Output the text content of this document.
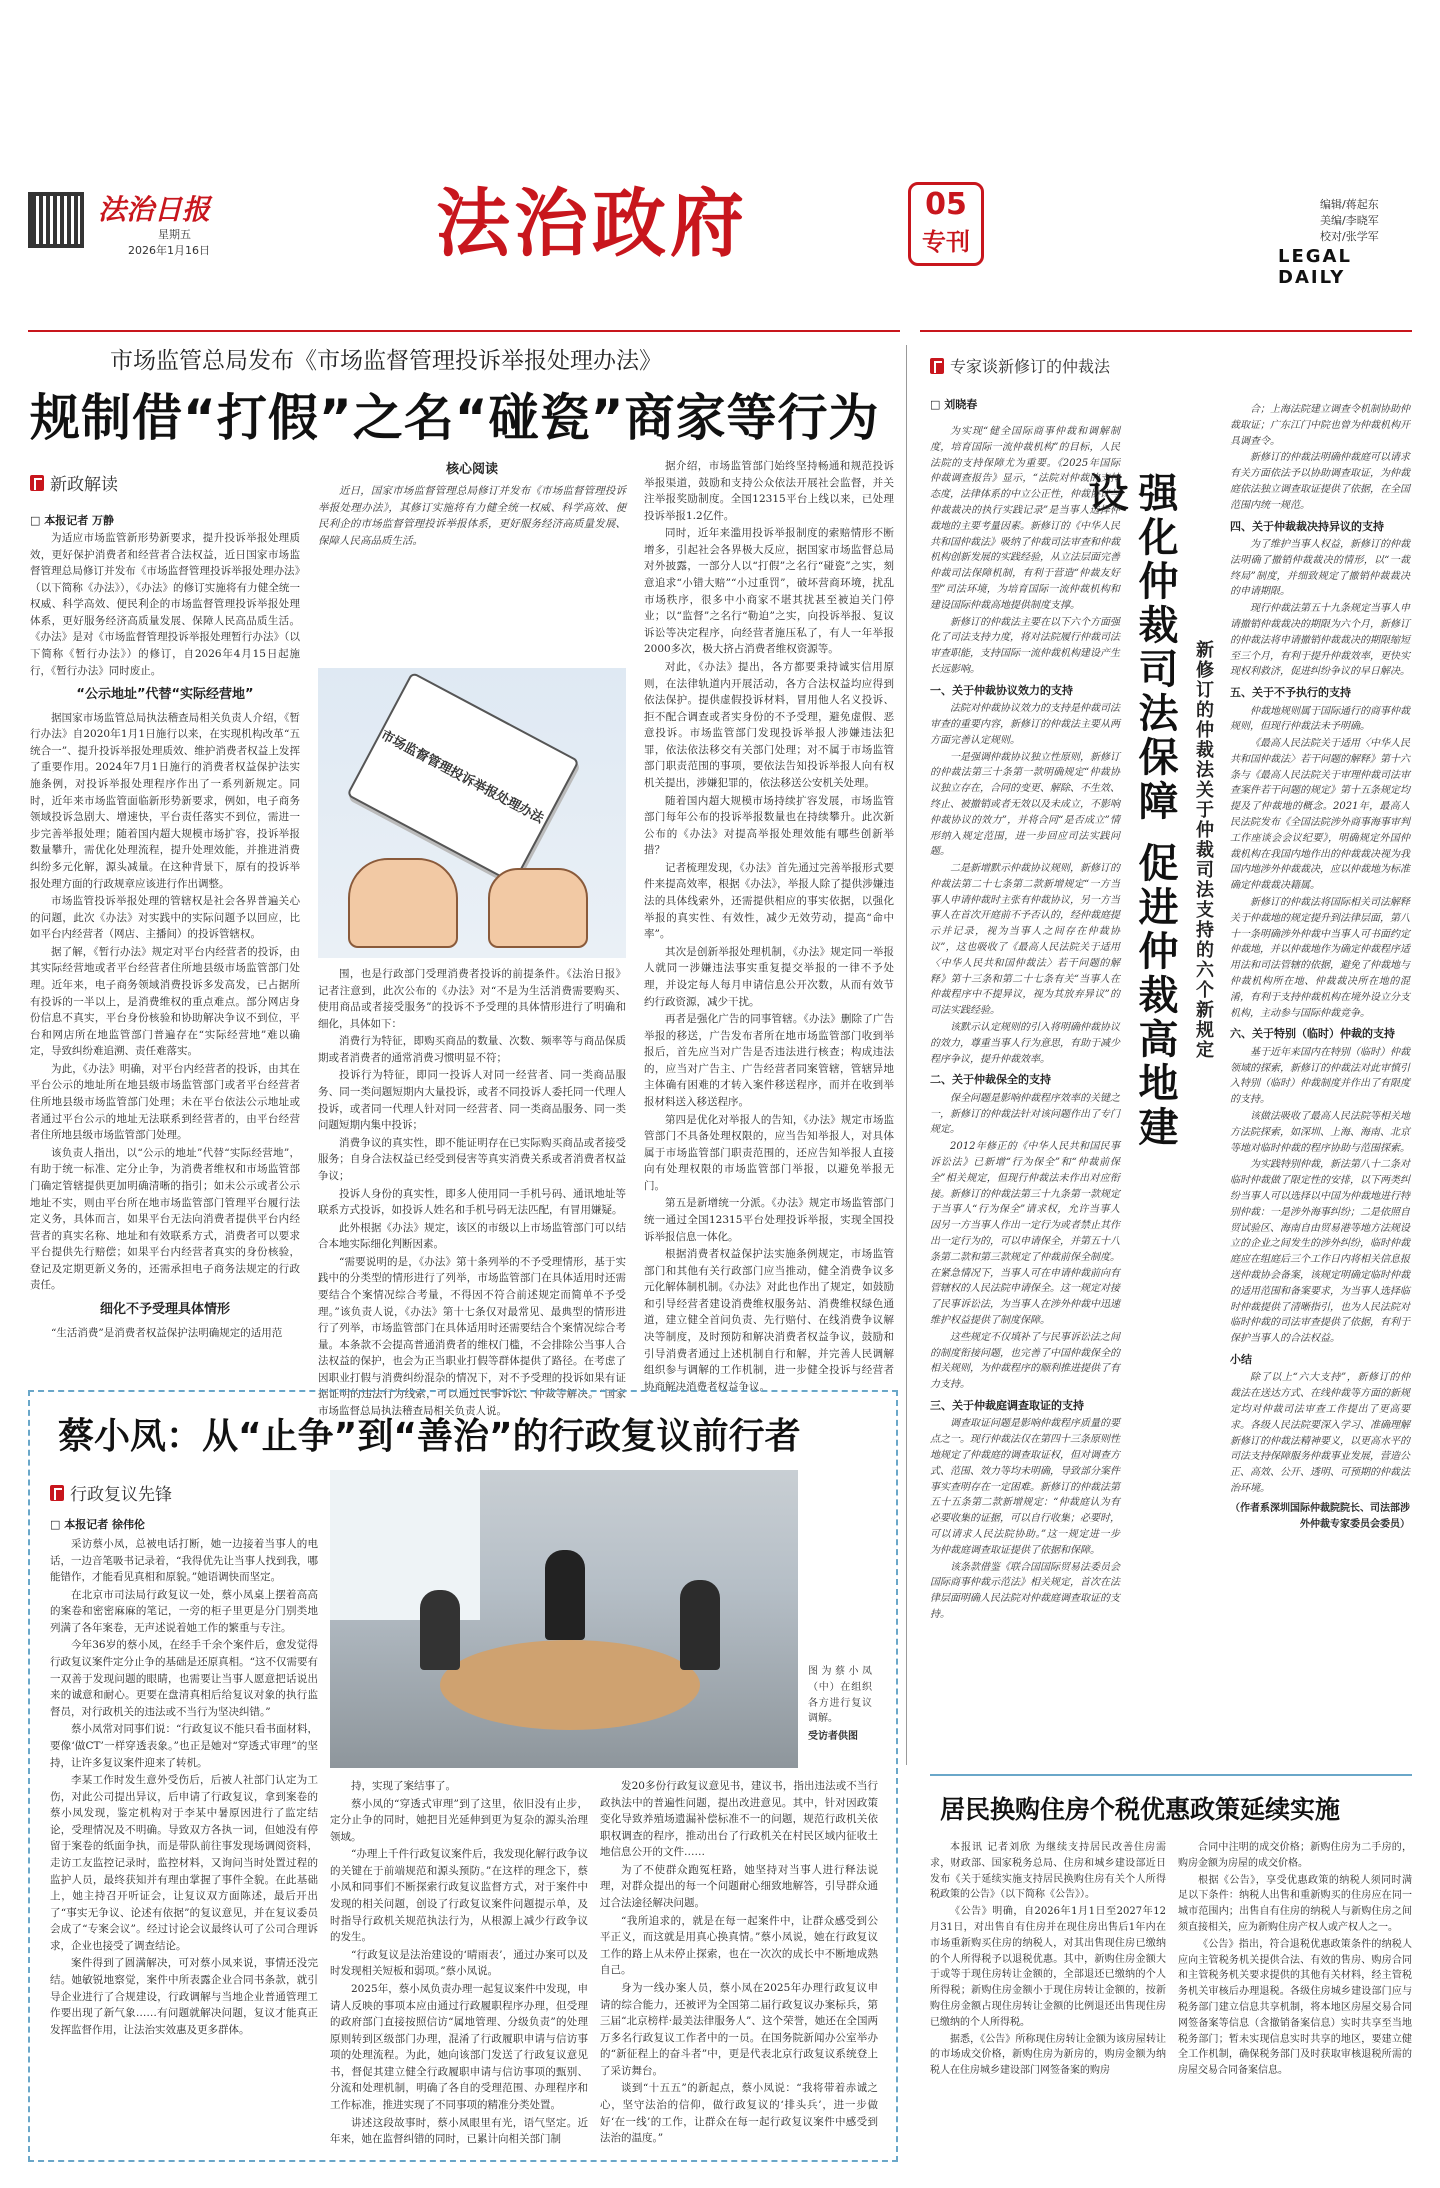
法治日报
星期五
2026年1月16日	法治政府	05
专刊
编辑/蒋起东
美编/李晓军
校对/张学军
LEGAL DAILY
市场监管总局发布《市场监督管理投诉举报处理办法》
规制借“打假”之名“碰瓷”商家等行为
新政解读
□ 本报记者 万静

为适应市场监管新形势新要求，提升投诉举报处理质效，更好保护消费者和经营者合法权益，近日国家市场监督管理总局修订并发布《市场监督管理投诉举报处理办法》（以下简称《办法》），《办法》的修订实施将有力健全统一权威、科学高效、便民利企的市场监督管理投诉举报处理体系，更好服务经济高质量发展、保障人民高品质生活。《办法》是对《市场监督管理投诉举报处理暂行办法》（以下简称《暂行办法》）的修订，自2026年4月15日起施行，《暂行办法》同时废止。

“公示地址”代替“实际经营地”

据国家市场监管总局执法稽查局相关负责人介绍，《暂行办法》自2020年1月1日施行以来，在实现机构改革“五统合一”、提升投诉举报处理质效、维护消费者权益上发挥了重要作用。2024年7月1日施行的消费者权益保护法实施条例，对投诉举报处理程序作出了一系列新规定。同时，近年来市场监管面临新形势新要求，例如，电子商务领域投诉急剧大、增速快，平台责任落实不到位，需进一步完善举报处理；随着国内超大规模市场扩容，投诉举报数量攀升，需优化处理流程，提升处理效能，并推进消费纠纷多元化解，源头减量。在这种背景下，原有的投诉举报处理方面的行政规章应该进行作出调整。

市场监管投诉举报处理的管辖权是社会各界普遍关心的问题，此次《办法》对实践中的实际问题予以回应，比如平台内经营者（网店、主播间）的投诉管辖权。

据了解，《暂行办法》规定对平台内经营者的投诉，由其实际经营地或者平台经营者住所地县级市场监管部门处理。近年来，电子商务领域消费投诉多发高发，已占据所有投诉的一半以上，是消费维权的重点难点。部分网店身份信息不真实，平台身份核验和协助解决争议不到位，平台和网店所在地监管部门普遍存在“实际经营地”难以确定，导致纠纷难追溯、责任难落实。

为此，《办法》明确，对平台内经营者的投诉，由其在平台公示的地址所在地县级市场监管部门或者平台经营者住所地县级市场监管部门处理；未在平台依法公示地址或者通过平台公示的地址无法联系到经营者的，由平台经营者住所地县级市场监管部门处理。

该负责人指出，以“公示的地址”代替“实际经营地”，有助于统一标准、定分止争，为消费者维权和市场监管部门确定管辖提供更加明确清晰的指引；如未公示或者公示地址不实，则由平台所在地市场监管部门管理平台履行法定义务，具体而言，如果平台无法向消费者提供平台内经营者的真实名称、地址和有效联系方式，消费者可以要求平台提供先行赔偿；如果平台内经营者真实的身份核验，登记及定期更新义务的，还需承担电子商务法规定的行政责任。

细化不予受理具体情形

“生活消费”是消费者权益保护法明确规定的适用范

核心阅读

近日，国家市场监督管理总局修订并发布《市场监督管理投诉举报处理办法》，其修订实施将有力健全统一权威、科学高效、便民利企的市场监督管理投诉举报体系，更好服务经济高质量发展、保障人民高品质生活。

市场监督管理投诉举报处理办法

围，也是行政部门受理消费者投诉的前提条件。《法治日报》记者注意到，此次公布的《办法》对“不是为生活消费需要购买、使用商品或者接受服务”的投诉不予受理的具体情形进行了明确和细化，具体如下：

消费行为特征，即购买商品的数量、次数、频率等与商品保质期或者消费者的通常消费习惯明显不符；

投诉行为特征，即同一投诉人对同一经营者、同一类商品服务、同一类问题短期内大量投诉，或者不同投诉人委托同一代理人投诉，或者同一代理人针对同一经营者、同一类商品服务、同一类问题短期内集中投诉；

消费争议的真实性，即不能证明存在已实际购买商品或者接受服务；自身合法权益已经受到侵害等真实消费关系或者消费者权益争议；

投诉人身份的真实性，即多人使用同一手机号码、通讯地址等联系方式投诉，如投诉人姓名和手机号码无法匹配，有冒用嫌疑。

此外根据《办法》规定，该区的市级以上市场监管部门可以结合本地实际细化判断因素。

“需要说明的是，《办法》第十条列举的不予受理情形，基于实践中的分类型的情形进行了列举，市场监管部门在具体适用时还需要结合个案情况综合考量，不得因不符合前述规定而简单不予受理。”该负责人说，《办法》第十七条仅对最常见、最典型的情形进行了列举，市场监管部门在具体适用时还需要结合个案情况综合考量。本条款不会提高普通消费者的维权门槛，不会排除公当事人合法权益的保护，也会为正当职业打假等群体提供了路径。在考虑了因职业打假与消费纠纷混杂的情况下，对不予受理的投诉如果有证据证明的违法行为线索，可以通过民事诉讼、仲裁等解决。“国家市场监督总局执法稽查局相关负责人说。

据介绍，市场监管部门始终坚持畅通和规范投诉举报渠道，鼓励和支持公众依法开展社会监督，并关注举报奖励制度。全国12315平台上线以来，已处理投诉举报1.2亿件。

同时，近年来滥用投诉举报制度的索赔情形不断增多，引起社会各界极大反应，据国家市场监督总局对外披露，一部分人以“打假”之名行“碰瓷”之实，刻意追求“小错大赔”“小过重罚”，破坏营商环境，扰乱市场秩序，很多中小商家不堪其扰甚至被迫关门停业；以“监督”之名行“勒迫”之实，向投诉举报、复议诉讼等决定程序，向经营者施压私了，有人一年举报2000多次，极大挤占消费者维权资源等。

对此，《办法》提出，各方都要秉持诚实信用原则，在法律轨道内开展活动，各方合法权益均应得到依法保护。提供虚假投诉材料，冒用他人名义投诉、拒不配合调查或者实身份的不予受理，避免虚假、恶意投诉。市场监管部门发现投诉举报人涉嫌违法犯罪，依法依法移交有关部门处理；对不属于市场监管部门职责范围的事项，要依法告知投诉举报人向有权机关提出，涉嫌犯罪的，依法移送公安机关处理。

随着国内超大规模市场持续扩容发展，市场监管部门每年公布的投诉举报数量也在持续攀升。此次新公布的《办法》对提高举报处理效能有哪些创新举措？

记者梳理发现，《办法》首先通过完善举报形式要件来提高效率，根据《办法》，举报人除了提供涉嫌违法的具体线索外，还需提供相应的事实依据，以强化举报的真实性、有效性，减少无效劳动，提高“命中率”。

其次是创新举报处理机制，《办法》规定同一举报人就同一涉嫌违法事实重复提交举报的一律不予处理，并设定每人每月申请信息公开次数，从而有效节约行政资源，减少干扰。

再者是强化广告的同事管辖。《办法》删除了广告举报的移送，广告发布者所在地市场监管部门收到举报后，首先应当对广告是否违法进行核查；构成违法的，应当对广告主、广告经营者同案管辖，管辖异地主体确有困难的才转入案件移送程序，而并在收到举报材料送入移送程序。

第四是优化对举报人的告知，《办法》规定市场监管部门不具备处理权限的，应当告知举报人，对具体属于市场监管部门职责范围的，还应告知举报人直接向有处理权限的市场监管部门举报，以避免举报无门。

第五是新增统一分派。《办法》规定市场监管部门统一通过全国12315平台处理投诉举报，实现全国投诉举报信息一体化。

根据消费者权益保护法实施条例规定，市场监管部门和其他有关行政部门应当推动，健全消费争议多元化解体制机制。《办法》对此也作出了规定，如鼓励和引导经营者建设消费维权服务站、消费维权绿色通道，建立健全首问负责、先行赔付、在线消费争议解决等制度，及时预防和解决消费者权益争议，鼓励和引导消费者通过上述机制自行和解，并完善人民调解组织参与调解的工作机制，进一步健全投诉与经营者协商解决消费者权益争议。

蔡小凤：从“止争”到“善治”的行政复议前行者
行政复议先锋
□ 本报记者 徐伟伦

采访蔡小凤，总被电话打断，她一边接着当事人的电话，一边音笔吸书记录着，“我得优先让当事人找到我，哪能错作，才能看见真相和原貌。”她语调快而坚定。

在北京市司法局行政复议一处，蔡小凤桌上摆着高高的案卷和密密麻麻的笔记，一旁的柜子里更是分门别类地列满了各年案卷，无声述说着她工作的繁重与专注。

今年36岁的蔡小凤，在经手千余个案件后，愈发觉得行政复议案件定分止争的基础是还原真相。“这不仅需要有一双善于发现问题的眼睛，也需要让当事人愿意把话说出来的诚意和耐心。更要在盘清真相后给复议对象的执行监督员，对行政机关的违法或不当行为坚决纠错。”

蔡小凤常对同事们说：“行政复议不能只看书面材料，要像‘做CT’一样穿透表象。”也正是她对“穿透式审理”的坚持，让许多复议案件迎来了转机。

李某工作时发生意外受伤后，后被人社部门认定为工伤，对此公司提出异议，后申请了行政复议，拿到案卷的蔡小凤发现，鉴定机构对于李某中暑原因进行了监定结论，受理情况及不明确。导致双方各执一词，但她没有停留于案卷的纸面争执，而是带队前往事发现场调阅资料，走访工友监控记录时，监控材料，又询问当时处置过程的监护人员，最终获知并有理由掌握了事件全貌。在此基础上，她主持召开听证会，让复议双方面陈述，最后开出了“事实无争议、论述有依据”的复议意见，并在复议委员会成了“专案会议”。经过讨论会议最终认可了公司合理诉求，企业也接受了调查结论。

案件得到了圆满解决，可对蔡小凤来说，事情还没完结。她敏锐地察觉，案件中所表露企业合同书条款，就引导企业进行了合规建设，行政调解与当地企业普通管理工作要出现了新气象……有问题就解决问题，复议才能真正发挥监督作用，让法治实效惠及更多群体。

图为蔡小凤（中）在组织各方进行复议调解。
受访者供图

持，实现了案结事了。

蔡小凤的“穿透式审理”到了这里，依旧没有止步，定分止争的同时，她把目光延伸到更为复杂的源头治理领域。

“办理上千件行政复议案件后，我发现化解行政争议的关键在于前端规范和源头预防。”在这样的理念下，蔡小凤和同事们不断探索行政复议监督方式，对于案件中发现的相关问题，创设了行政复议案件问题提示单，及时指导行政机关规范执法行为，从根源上减少行政争议的发生。

“行政复议是法治建设的‘晴雨表’，通过办案可以及时发现相关短板和弱项。”蔡小凤说。

2025年，蔡小凤负责办理一起复议案件中发现，申请人反映的事项本应由通过行政履职程序办理，但受理的政府部门直接按照信访“属地管理、分级负责”的处理原则转到区级部门办理，混淆了行政履职申请与信访事项的处理流程。为此，她向该部门发送了行政复议意见书，督促其建立健全行政履职申请与信访事项的甄别、分流和处理机制，明确了各自的受理范围、办理程序和工作标准，推进实现了不同事项的精准分类处置。

讲述这段故事时，蔡小凤眼里有光，语气坚定。近年来，她在监督纠错的同时，已累计向相关部门制

发20多份行政复议意见书，建议书，指出违法或不当行政执法中的普遍性问题，提出改进意见。其中，针对因政策变化导致养殖场遗漏补偿标准不一的问题，规范行政机关依职权调查的程序，推动出台了行政机关在村民区域内征收土地信息公开的文件……

为了不使群众跑冤枉路，她坚持对当事人进行释法说理，对群众提出的每一个问题耐心细致地解答，引导群众通过合法途径解决问题。

“我所追求的，就是在每一起案件中，让群众感受到公平正义，而这就是用真心换真情。”蔡小凤说，她在行政复议工作的路上从未停止探索，也在一次次的成长中不断地成熟自己。

身为一线办案人员，蔡小凤在2025年办理行政复议申请的综合能力，还被评为全国第二届行政复议办案标兵，第三届“北京榜样·最美法律服务人”、这个荣誉，她还在全国两万多名行政复议工作者中的一员。在国务院新闻办公室举办的“新征程上的奋斗者”中，更是代表北京行政复议系统登上了采访舞台。

谈到“十五五”的新起点，蔡小凤说：“我将带着赤诚之心，坚守法治的信仰，做行政复议的‘排头兵’，进一步做好‘在一线’的工作，让群众在每一起行政复议案件中感受到法治的温度。”

专家谈新修订的仲裁法
□ 刘晓春
强化仲裁司法保障 促进仲裁高地建设
新修订的仲裁法关于仲裁司法支持的六个新规定

为实现“健全国际商事仲裁和调解制度，培育国际一流仲裁机构”的目标，人民法院的支持保障尤为重要。《2025年国际仲裁调查报告》显示，“法院对仲裁的支持态度，法律体系的中立公正性，仲裁协议与仲裁裁决的执行实践记录”是当事人选择仲裁地的主要考量因素。新修订的《中华人民共和国仲裁法》吸纳了仲裁司法审查和仲裁机构创新发展的实践经验，从立法层面完善仲裁司法保障机制，有利于营造“仲裁友好型”司法环境，为培育国际一流仲裁机构和建设国际仲裁高地提供制度支撑。

新修订的仲裁法主要在以下六个方面强化了司法支持力度，将对法院履行仲裁司法审查职能，支持国际一流仲裁机构建设产生长远影响。

一、关于仲裁协议效力的支持

法院对仲裁协议效力的支持是仲裁司法审查的重要内容，新修订的仲裁法主要从两方面完善认定规则。

一是强调仲裁协议独立性原则，新修订的仲裁法第三十条第一款明确规定“仲裁协议独立存在，合同的变更、解除、不生效、终止、被撤销或者无效以及未成立，不影响仲裁协议的效力”，并将合同“是否成立”情形纳入规定范围，进一步回应司法实践问题。

二是新增默示仲裁协议规则，新修订的仲裁法第二十七条第二款新增规定“一方当事人申请仲裁时主张有仲裁协议，另一方当事人在首次开庭前不予否认的，经仲裁庭提示并记录，视为当事人之间存在仲裁协议”，这也吸收了《最高人民法院关于适用〈中华人民共和国仲裁法〉若干问题的解释》第十三条和第二十七条有关“当事人在仲裁程序中不提异议，视为其放弃异议”的司法实践经验。

该默示认定规则的引入将明确仲裁协议的效力，尊重当事人行为意思，有助于减少程序争议，提升仲裁效率。

二、关于仲裁保全的支持

保全问题是影响仲裁程序效率的关键之一，新修订的仲裁法针对该问题作出了专门规定。

2012年修正的《中华人民共和国民事诉讼法》已新增“行为保全”和“仲裁前保全”相关规定，但现行仲裁法未作出对应衔接。新修订的仲裁法第三十九条第一款规定于当事人“行为保全”请求权，允许当事人因另一方当事人作出一定行为或者禁止其作出一定行为的，可以申请保全，并第五十八条第二款和第三款规定了仲裁前保全制度。在紧急情况下，当事人可在申请仲裁前向有管辖权的人民法院申请保全。这一规定对接了民事诉讼法，为当事人在涉外仲裁中迅速维护权益提供了制度保障。

这些规定不仅填补了与民事诉讼法之间的制度衔接问题，也完善了中国仲裁保全的相关规则，为仲裁程序的顺利推进提供了有力支持。

三、关于仲裁庭调查取证的支持

调查取证问题是影响仲裁程序质量的要点之一。现行仲裁法仅在第四十三条原则性地规定了仲裁庭的调查取证权，但对调查方式、范围、效力等均未明确，导致部分案件事实查明存在一定困难。新修订的仲裁法第五十五条第二款新增规定：“仲裁庭认为有必要收集的证据，可以自行收集；必要时，可以请求人民法院协助。”这一规定进一步为仲裁庭调查取证提供了依据和保障。

该条款借鉴《联合国国际贸易法委员会国际商事仲裁示范法》相关规定，首次在法律层面明确人民法院对仲裁庭调查取证的支持。

合；上海法院建立调查令机制协助仲裁取证；广东江门中院也曾为仲裁机构开具调查令。

新修订的仲裁法明确仲裁庭可以请求有关方面依法予以协助调查取证，为仲裁庭依法独立调查取证提供了依据，在全国范围内统一规范。

四、关于仲裁裁决持异议的支持

为了维护当事人权益，新修订的仲裁法明确了撤销仲裁裁决的情形，以“一裁终局”制度，并细致规定了撤销仲裁裁决的申请期限。

现行仲裁法第五十九条规定当事人申请撤销仲裁裁决的期限为六个月，新修订的仲裁法将申请撤销仲裁裁决的期限缩短至三个月，有利于提升仲裁效率，更快实现权利救济，促进纠纷争议的早日解决。

五、关于不予执行的支持

仲裁地规则属于国际通行的商事仲裁规则，但现行仲裁法未予明确。

《最高人民法院关于适用〈中华人民共和国仲裁法〉若干问题的解释》第十六条与《最高人民法院关于审理仲裁司法审查案件若干问题的规定》第十五条规定均提及了仲裁地的概念。2021年，最高人民法院发布《全国法院涉外商事海事审判工作座谈会会议纪要》，明确规定外国仲裁机构在我国内地作出的仲裁裁决视为我国内地涉外仲裁裁决，应以仲裁地为标准确定仲裁裁决籍属。

新修订的仲裁法将国际相关司法解释关于仲裁地的规定提升到法律层面，第八十一条明确涉外仲裁中当事人可书面约定仲裁地，并以仲裁地作为确定仲裁程序适用法和司法管辖的依据，避免了仲裁地与仲裁机构所在地、仲裁裁决所在地的混淆，有利于支持仲裁机构在境外设立分支机构，主动参与国际仲裁竞争。

六、关于特别（临时）仲裁的支持

基于近年来国内在特别（临时）仲裁领域的探索，新修订的仲裁法对此审慎引入特别（临时）仲裁制度并作出了有限度的支持。

该做法吸收了最高人民法院等相关地方法院探索，如深圳、上海、海南、北京等地对临时仲裁的程序协助与范围探索。

为实践特别仲裁，新法第八十二条对临时仲裁做了限定性的安排，以下两类纠纷当事人可以选择以中国为仲裁地进行特别仲裁：一是涉外海事纠纷；二是依照自贸试验区、海南自由贸易港等地方法规设立的企业之间发生的涉外纠纷，临时仲裁庭应在组庭后三个工作日内将相关信息报送仲裁协会备案，该规定明确定临时仲裁的适用范围和备案要求，为当事人选择临时仲裁提供了清晰指引，也为人民法院对临时仲裁的司法审查提供了依据，有利于保护当事人的合法权益。

小结

除了以上“六大支持”，新修订的仲裁法在送达方式、在线仲裁等方面的新规定均对仲裁司法审查工作提出了更高要求。各级人民法院要深入学习、准确理解新修订的仲裁法精神要义，以更高水平的司法支持保障服务仲裁事业发展，营造公正、高效、公开、透明、可预期的仲裁法治环境。

（作者系深圳国际仲裁院院长、司法部涉外仲裁专家委员会委员）
居民换购住房个税优惠政策延续实施

本报讯 记者刘欣 为继续支持居民改善住房需求，财政部、国家税务总局、住房和城乡建设部近日发布《关于延续实施支持居民换购住房有关个人所得税政策的公告》（以下简称《公告》）。

《公告》明确，自2026年1月1日至2027年12月31日，对出售自有住房并在现住房出售后1年内在市场重新购买住房的纳税人，对其出售现住房已缴纳的个人所得税予以退税优惠。其中，新购住房金额大于或等于现住房转让金额的，全部退还已缴纳的个人所得税；新购住房金额小于现住房转让金额的，按新购住房金额占现住房转让金额的比例退还出售现住房已缴纳的个人所得税。

据悉，《公告》所称现住房转让金额为该房屋转让的市场成交价格，新购住房为新房的，购房金额为纳税人在住房城乡建设部门网签备案的购房

合同中注明的成交价格；新购住房为二手房的，购房金额为房屋的成交价格。

根据《公告》，享受优惠政策的纳税人须同时满足以下条件：纳税人出售和重新购买的住房应在同一城市范围内；出售自有住房的纳税人与新购住房之间须直接相关，应为新购住房产权人或产权人之一。

《公告》指出，符合退税优惠政策条件的纳税人应向主管税务机关提供合法、有效的售房、购房合同和主管税务机关要求提供的其他有关材料，经主管税务机关审核后办理退税。各级住房城乡建设部门应与税务部门建立信息共享机制，将本地区房屋交易合同网签备案等信息（含撤销备案信息）实时共享至当地税务部门；暂未实现信息实时共享的地区，要建立健全工作机制，确保税务部门及时获取审核退税所需的房屋交易合同备案信息。
